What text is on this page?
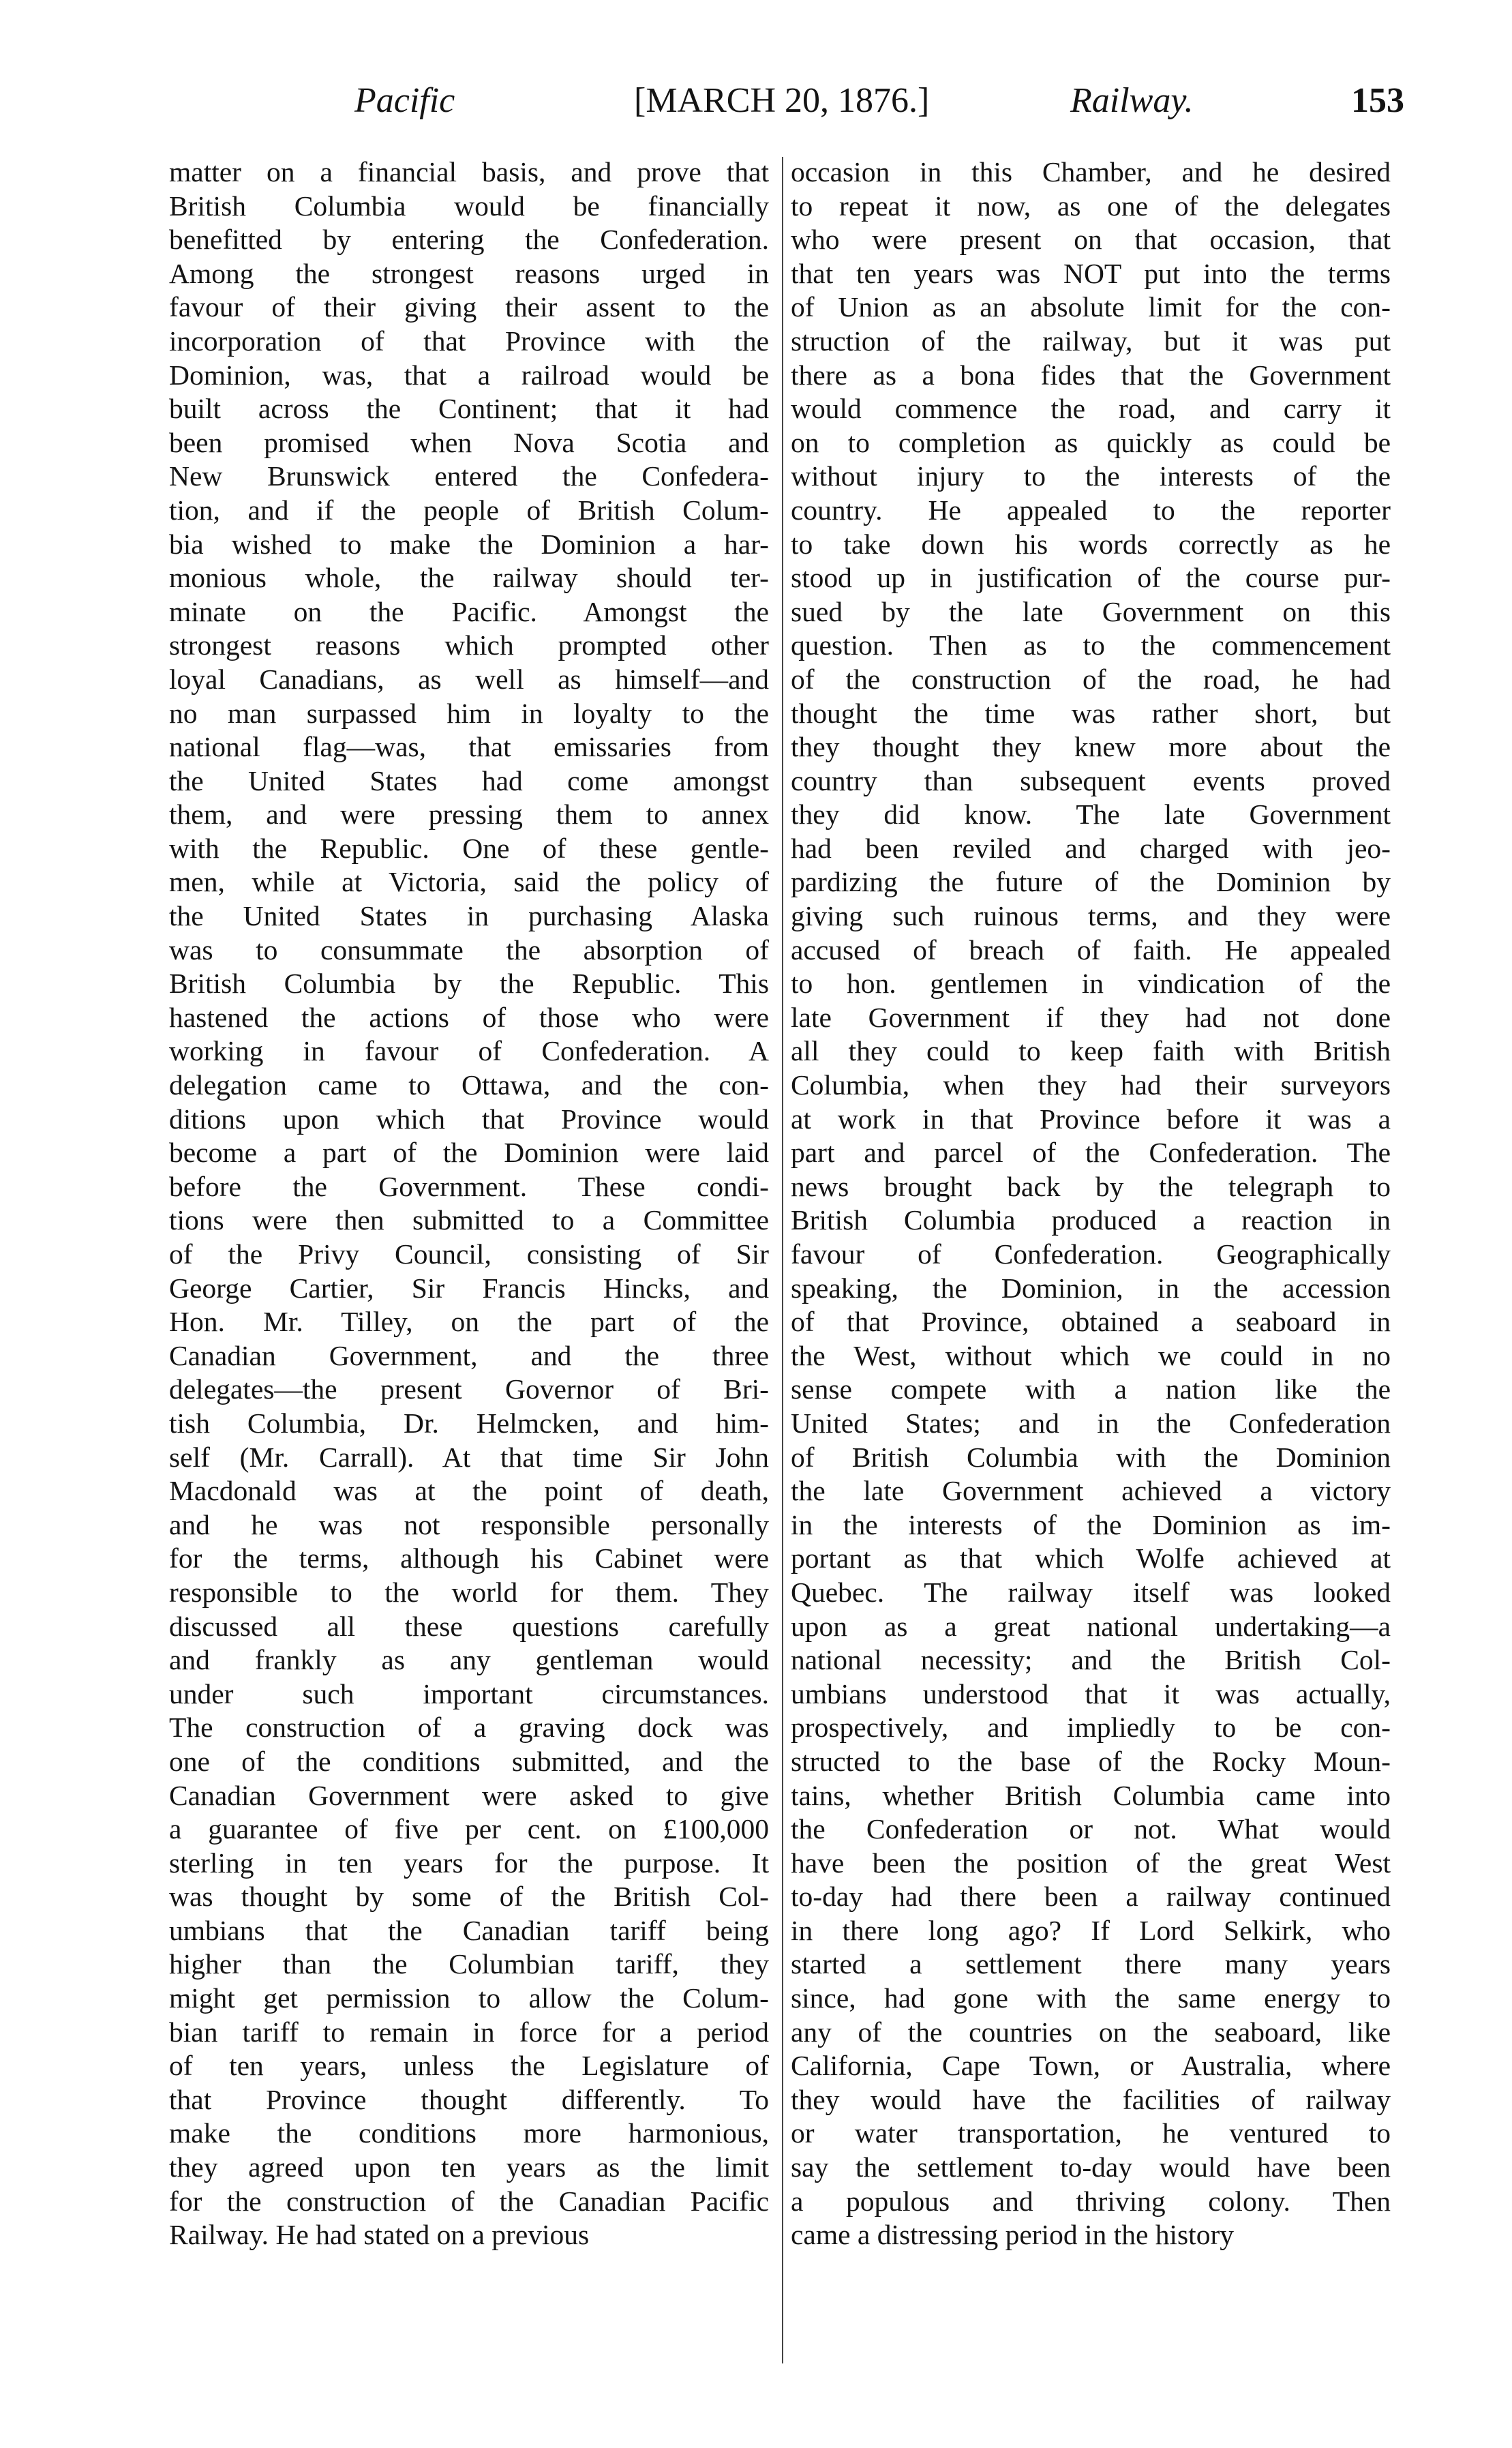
Pacific	[MARCH 20, 1876.]	Railway.	153
matter on a financial basis, and prove that
British Columbia would be financially
benefitted by entering the Confederation.
Among the strongest reasons urged in
favour of their giving their assent to the
incorporation of that Province with the
Dominion, was, that a railroad would be
built across the Continent; that it had
been promised when Nova Scotia and
New Brunswick entered the Confedera-
tion, and if the people of British Colum-
bia wished to make the Dominion a har-
monious whole, the railway should ter-
minate on the Pacific. Amongst the
strongest reasons which prompted other
loyal Canadians, as well as himself—and
no man surpassed him in loyalty to the
national flag—was, that emissaries from
the United States had come amongst
them, and were pressing them to annex
with the Republic. One of these gentle-
men, while at Victoria, said the policy of
the United States in purchasing Alaska
was to consummate the absorption of
British Columbia by the Republic. This
hastened the actions of those who were
working in favour of Confederation. A
delegation came to Ottawa, and the con-
ditions upon which that Province would
become a part of the Dominion were laid
before the Government. These condi-
tions were then submitted to a Committee
of the Privy Council, consisting of Sir
George Cartier, Sir Francis Hincks, and
Hon. Mr. Tilley, on the part of the
Canadian Government, and the three
delegates—the present Governor of Bri-
tish Columbia, Dr. Helmcken, and him-
self (Mr. Carrall). At that time Sir John
Macdonald was at the point of death,
and he was not responsible personally
for the terms, although his Cabinet were
responsible to the world for them. They
discussed all these questions carefully
and frankly as any gentleman would
under such important circumstances.
The construction of a graving dock was
one of the conditions submitted, and the
Canadian Government were asked to give
a guarantee of five per cent. on £100,000
sterling in ten years for the purpose. It
was thought by some of the British Col-
umbians that the Canadian tariff being
higher than the Columbian tariff, they
might get permission to allow the Colum-
bian tariff to remain in force for a period
of ten years, unless the Legislature of
that Province thought differently. To
make the conditions more harmonious,
they agreed upon ten years as the limit
for the construction of the Canadian Pacific
Railway. He had stated on a previous
occasion in this Chamber, and he desired
to repeat it now, as one of the delegates
who were present on that occasion, that
that ten years was NOT put into the terms
of Union as an absolute limit for the con-
struction of the railway, but it was put
there as a bona fides that the Government
would commence the road, and carry it
on to completion as quickly as could be
without injury to the interests of the
country. He appealed to the reporter
to take down his words correctly as he
stood up in justification of the course pur-
sued by the late Government on this
question. Then as to the commencement
of the construction of the road, he had
thought the time was rather short, but
they thought they knew more about the
country than subsequent events proved
they did know. The late Government
had been reviled and charged with jeo-
pardizing the future of the Dominion by
giving such ruinous terms, and they were
accused of breach of faith. He appealed
to hon. gentlemen in vindication of the
late Government if they had not done
all they could to keep faith with British
Columbia, when they had their surveyors
at work in that Province before it was a
part and parcel of the Confederation. The
news brought back by the telegraph to
British Columbia produced a reaction in
favour of Confederation. Geographically
speaking, the Dominion, in the accession
of that Province, obtained a seaboard in
the West, without which we could in no
sense compete with a nation like the
United States; and in the Confederation
of British Columbia with the Dominion
the late Government achieved a victory
in the interests of the Dominion as im-
portant as that which Wolfe achieved at
Quebec. The railway itself was looked
upon as a great national undertaking—a
national necessity; and the British Col-
umbians understood that it was actually,
prospectively, and impliedly to be con-
structed to the base of the Rocky Moun-
tains, whether British Columbia came into
the Confederation or not. What would
have been the position of the great West
to-day had there been a railway continued
in there long ago? If Lord Selkirk, who
started a settlement there many years
since, had gone with the same energy to
any of the countries on the seaboard, like
California, Cape Town, or Australia, where
they would have the facilities of railway
or water transportation, he ventured to
say the settlement to-day would have been
a populous and thriving colony. Then
came a distressing period in the history
